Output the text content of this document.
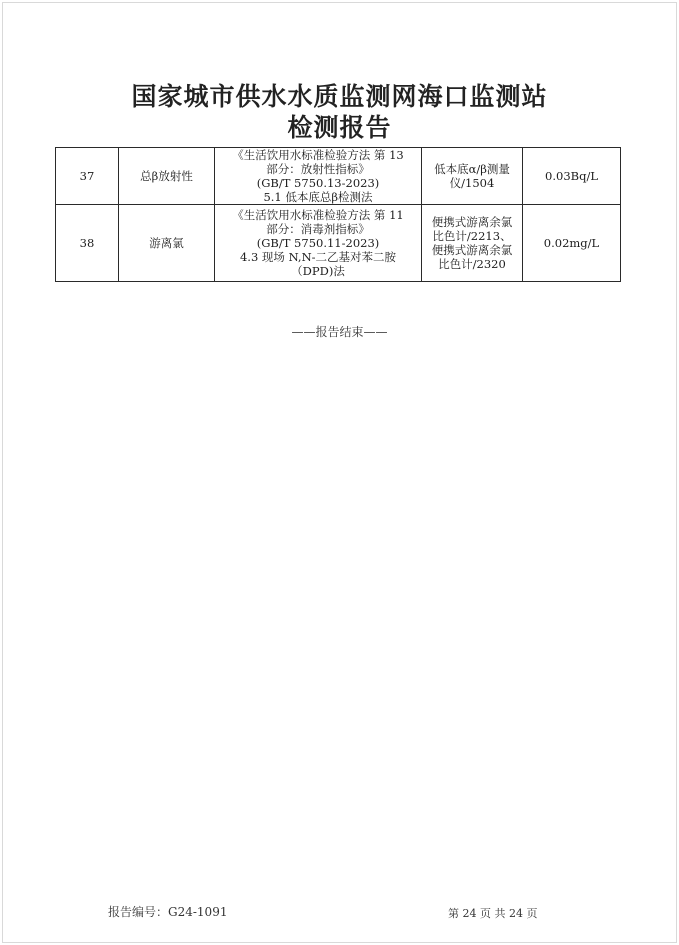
国家城市供水水质监测网海口监测站
检测报告
37	总β放射性	《生活饮用水标准检验方法 第 13
部分：放射性指标》
(GB/T 5750.13-2023)
5.1 低本底总β检测法	低本底α/β测量
仪/1504	0.03Bq/L
38	游离氯	《生活饮用水标准检验方法 第 11
部分：消毒剂指标》
(GB/T 5750.11-2023)
4.3 现场 N,N-二乙基对苯二胺
（DPD)法	便携式游离余氯
比色计/2213、
便携式游离余氯
比色计/2320	0.02mg/L
——报告结束——
报告编号：G24-1091	第 24 页 共 24 页
